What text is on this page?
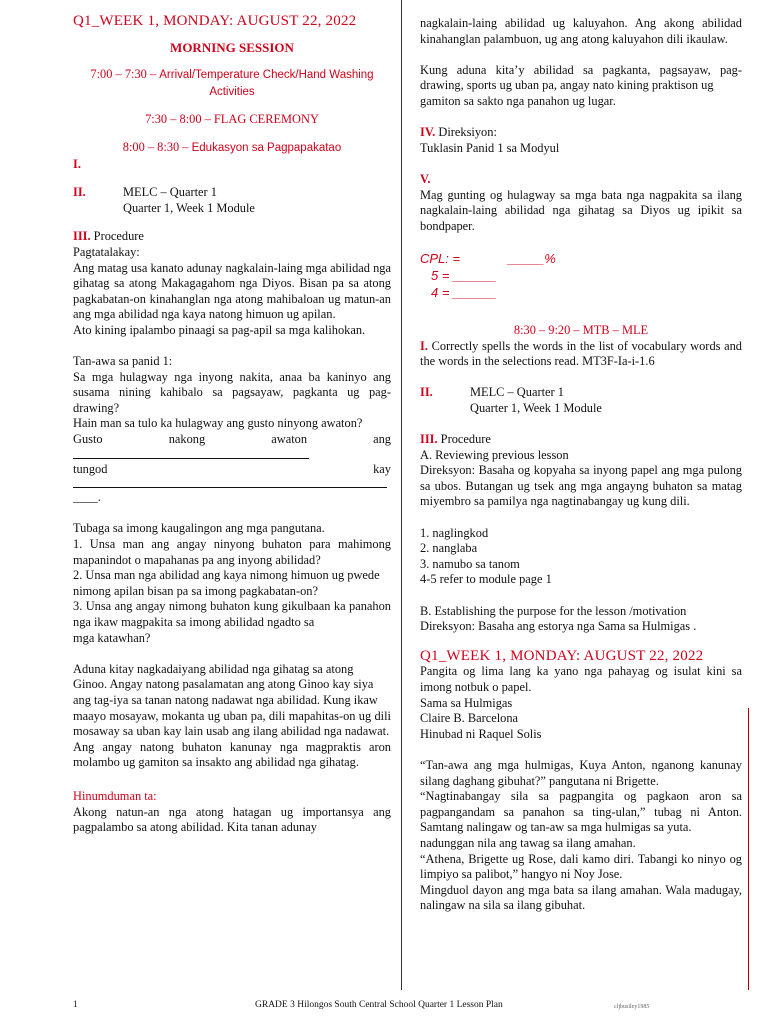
Q1_WEEK 1, MONDAY: AUGUST 22, 2022
MORNING SESSION
7:00 – 7:30 – Arrival/Temperature Check/Hand Washing Activities
7:30 – 8:00 – FLAG CEREMONY
8:00 – 8:30 – Edukasyon sa Pagpapakatao
I.
II.	MELC – Quarter 1
Quarter 1, Week 1 Module
III. Procedure
Pagtatalakay:

Ang matag usa kanato adunay nagkalain-laing mga abilidad nga gihatag sa atong Makagagahom nga Diyos. Bisan pa sa atong pagkabatan-on kinahanglan nga atong mahibaloan ug matun-an ang mga abilidad nga kaya natong himuon ug apilan.

Ato kining ipalambo pinaagi sa pag-apil sa mga kalihokan.

Tan-awa sa panid 1:

Sa mga hulagway nga inyong nakita, anaa ba kaninyo ang susama nining kahibalo sa pagsayaw, pagkanta ug pag-drawing?

Hain man sa tulo ka hulagway ang gusto ninyong awaton?

Gusto	nakong	awaton	ang
tungod	kay
____.
Tubaga sa imong kaugalingon ang mga pangutana.

1. Unsa man ang angay ninyong buhaton para mahimong mapanindot o mapahanas pa ang inyong abilidad?

2. Unsa man nga abilidad ang kaya nimong himuon ug pwede

nimong apilan bisan pa sa imong pagkabatan-on?

3. Unsa ang angay nimong buhaton kung gikulbaan ka panahon nga ikaw magpakita sa imong abilidad ngadto sa

mga katawhan?

Aduna kitay nagkadaiyang abilidad nga gihatag sa atong

Ginoo. Angay natong pasalamatan ang atong Ginoo kay siya

ang tag-iya sa tanan natong nadawat nga abilidad. Kung ikaw

maayo mosayaw, mokanta ug uban pa, dili mapahitas-on ug dili mosaway sa uban kay lain usab ang ilang abilidad nga nadawat.

Ang angay natong buhaton kanunay nga magpraktis aron molambo ug gamiton sa insakto ang abilidad nga gihatag.

Hinumduman ta:

Akong natun-an nga atong hatagan ug importansya ang pagpalambo sa atong abilidad. Kita tanan adunay

nagkalain-laing abilidad ug kaluyahon. Ang akong abilidad kinahanglan palambuon, ug ang atong kaluyahon dili ikaulaw.

Kung aduna kita’y abilidad sa pagkanta, pagsayaw, pag-drawing, sports ug uban pa, angay nato kining praktison ug

gamiton sa sakto nga panahon ug lugar.

IV. Direksiyon:
Tuklasin Panid 1 sa Modyul
V.

Mag gunting og hulagway sa mga bata nga nagpakita sa ilang nagkalain-laing abilidad nga gihatag sa Diyos ug ipikit sa bondpaper.

CPL: =	_____%
5 = ______
4 = ______
8:30 – 9:20 – MTB – MLE

I. Correctly spells the words in the list of vocabulary words and the words in the selections read. MT3F-Ia-i-1.6

II.	MELC – Quarter 1
Quarter 1, Week 1 Module
III. Procedure
A. Reviewing previous lesson

Direksyon: Basaha og kopyaha sa inyong papel ang mga pulong sa ubos. Butangan ug tsek ang mga angayng buhaton sa matag miyembro sa pamilya nga nagtinabangay ug kung dili.

1. naglingkod
2. nanglaba
3. namubo sa tanom
4-5 refer to module page 1
B. Establishing the purpose for the lesson /motivation
Direksyon: Basaha ang estorya nga Sama sa Hulmigas .
Q1_WEEK 1, MONDAY: AUGUST 22, 2022

Pangita og lima lang ka yano nga pahayag og isulat kini sa imong notbuk o papel.

Sama sa Hulmigas
Claire B. Barcelona
Hinubad ni Raquel Solis

“Tan-awa ang mga hulmigas, Kuya Anton, nganong kanunay silang daghang gibuhat?” pangutana ni Brigette.

“Nagtinabangay sila sa pagpangita og pagkaon aron sa pagpangandam sa panahon sa ting-ulan,” tubag ni Anton. Samtang nalingaw og tan-aw sa mga hulmigas sa yuta.

nadunggan nila ang tawag sa ilang amahan.

“Athena, Brigette ug Rose, dali kamo diri. Tabangi ko ninyo og limpiyo sa palibot,” hangyo ni Noy Jose.

Mingduol dayon ang mga bata sa ilang amahan. Wala madugay, nalingaw na sila sa ilang gibuhat.

1	GRADE 3 Hilongos South Central School Quarter 1 Lesson Plan	cljbusiley1985
